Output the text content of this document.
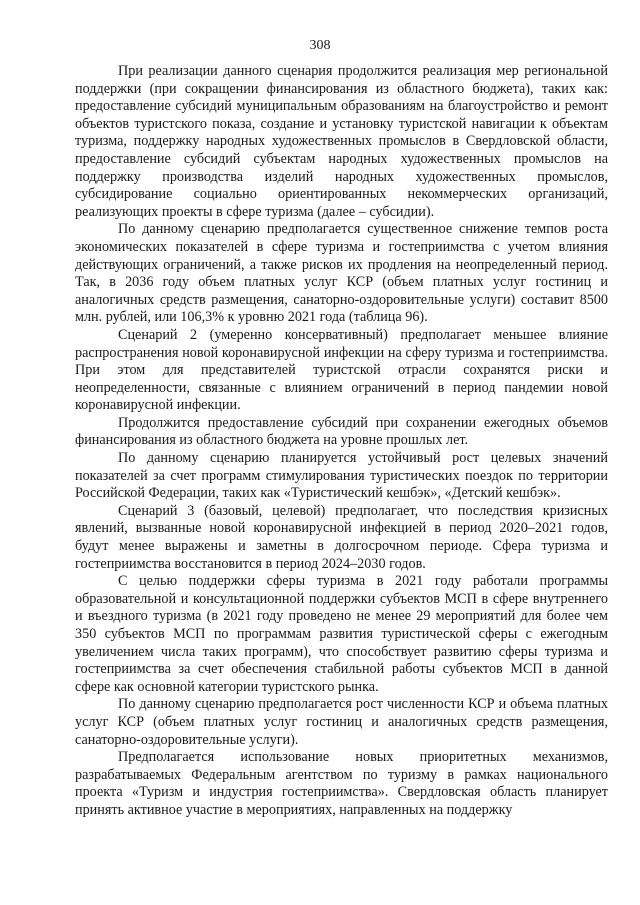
308

При реализации данного сценария продолжится реализация мер региональной поддержки (при сокращении финансирования из областного бюджета), таких как: предоставление субсидий муниципальным образованиям на благоустройство и ремонт объектов туристского показа, создание и установку туристской навигации к объектам туризма, поддержку народных художественных промыслов в Свердловской области, предоставление субсидий субъектам народных художественных промыслов на поддержку производства изделий народных художественных промыслов, субсидирование социально ориентированных некоммерческих организаций, реализующих проекты в сфере туризма (далее – субсидии).

По данному сценарию предполагается существенное снижение темпов роста экономических показателей в сфере туризма и гостеприимства с учетом влияния действующих ограничений, а также рисков их продления на неопределенный период. Так, в 2036 году объем платных услуг КСР (объем платных услуг гостиниц и аналогичных средств размещения, санаторно-оздоровительные услуги) составит 8500 млн. рублей, или 106,3% к уровню 2021 года (таблица 96).

Сценарий 2 (умеренно консервативный) предполагает меньшее влияние распространения новой коронавирусной инфекции на сферу туризма и гостеприимства. При этом для представителей туристской отрасли сохранятся риски и неопределенности, связанные с влиянием ограничений в период пандемии новой коронавирусной инфекции.

Продолжится предоставление субсидий при сохранении ежегодных объемов финансирования из областного бюджета на уровне прошлых лет.

По данному сценарию планируется устойчивый рост целевых значений показателей за счет программ стимулирования туристических поездок по территории Российской Федерации, таких как «Туристический кешбэк», «Детский кешбэк».

Сценарий 3 (базовый, целевой) предполагает, что последствия кризисных явлений, вызванные новой коронавирусной инфекцией в период 2020–2021 годов, будут менее выражены и заметны в долгосрочном периоде. Сфера туризма и гостеприимства восстановится в период 2024–2030 годов.

С целью поддержки сферы туризма в 2021 году работали программы образовательной и консультационной поддержки субъектов МСП в сфере внутреннего и въездного туризма (в 2021 году проведено не менее 29 мероприятий для более чем 350 субъектов МСП по программам развития туристической сферы с ежегодным увеличением числа таких программ), что способствует развитию сферы туризма и гостеприимства за счет обеспечения стабильной работы субъектов МСП в данной сфере как основной категории туристского рынка.

По данному сценарию предполагается рост численности КСР и объема платных услуг КСР (объем платных услуг гостиниц и аналогичных средств размещения, санаторно-оздоровительные услуги).

Предполагается использование новых приоритетных механизмов, разрабатываемых Федеральным агентством по туризму в рамках национального проекта «Туризм и индустрия гостеприимства». Свердловская область планирует принять активное участие в мероприятиях, направленных на поддержку
